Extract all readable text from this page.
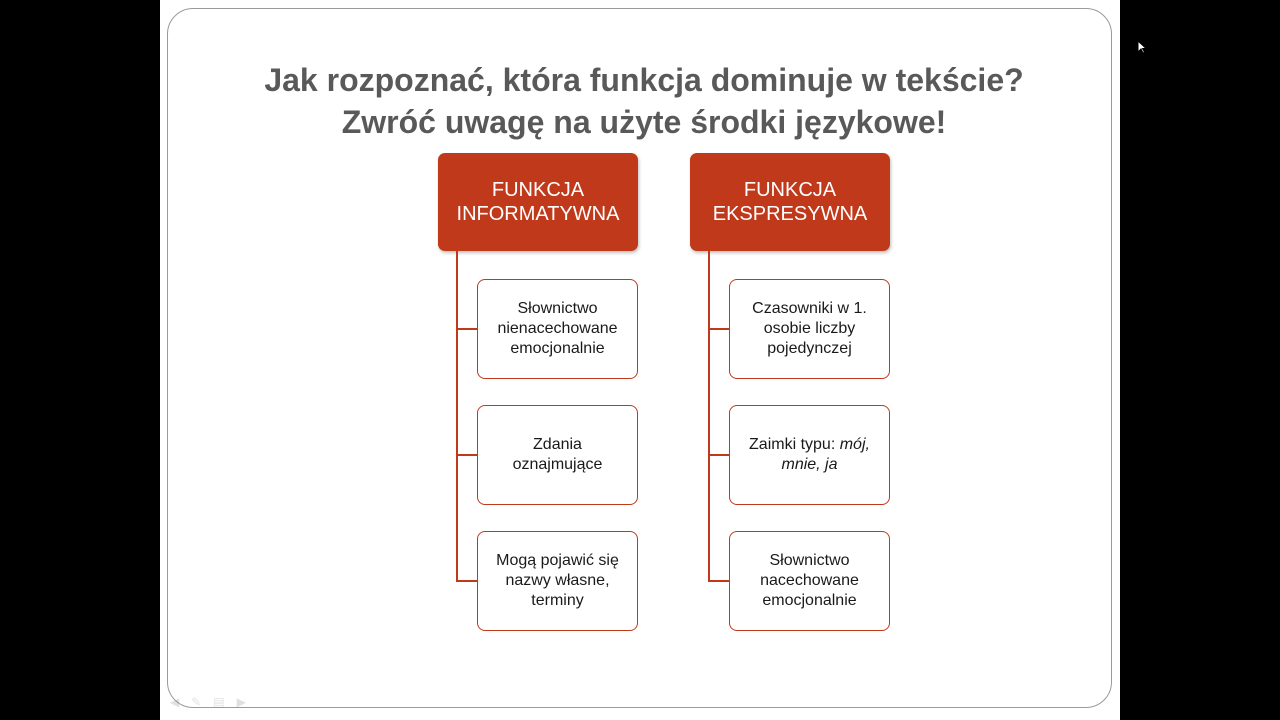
Jak rozpoznać, która funkcja dominuje w tekście?
Zwróć uwagę na użyte środki językowe!
FUNKCJA
INFORMATYWNA
Słownictwo
nienacechowane
emocjonalnie
Zdania
oznajmujące
Mogą pojawić się
nazwy własne,
terminy
FUNKCJA
EKSPRESYWNA
Czasowniki w 1.
osobie liczby
pojedynczej
Zaimki typu: mój,
mnie, ja
Słownictwo
nacechowane
emocjonalnie
◀ ✎ ▤ ▶
